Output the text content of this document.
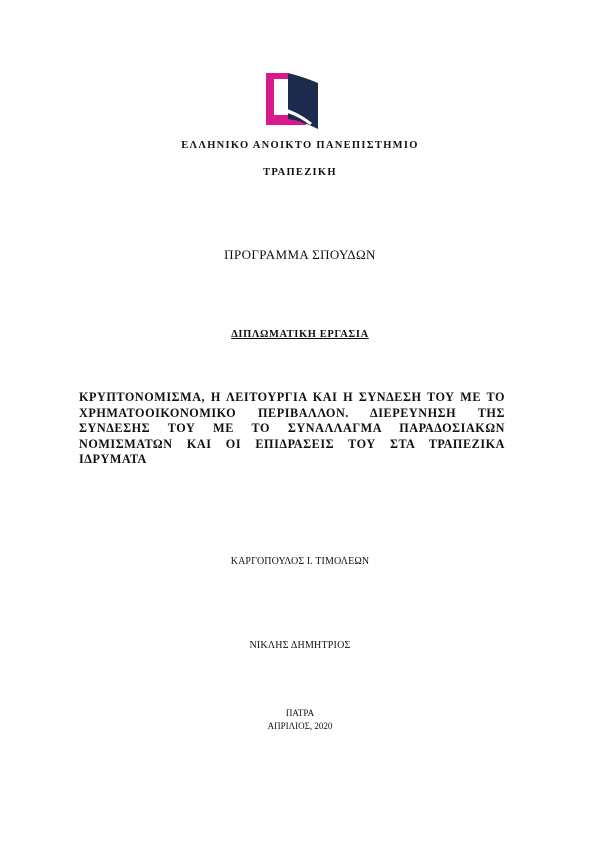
ΕΛΛΗΝΙΚΟ ΑΝΟΙΚΤΟ ΠΑΝΕΠΙΣΤΗΜΙΟ

ΤΡΑΠΕΖΙΚΗ

ΠΡΟΓΡΑΜΜΑ ΣΠΟΥΔΩΝ

ΔΙΠΛΩΜΑΤΙΚΗ ΕΡΓΑΣΙΑ

ΚΡΥΠΤΟΝΟΜΙΣΜΑ, Η ΛΕΙΤΟΥΡΓΙΑ ΚΑΙ Η ΣΥΝΔΕΣΗ ΤΟΥ ΜΕ ΤΟ ΧΡΗΜΑΤΟΟΙΚΟΝΟΜΙΚΟ ΠΕΡΙΒΑΛΛΟΝ. ΔΙΕΡΕΥΝΗΣΗ ΤΗΣ ΣΥΝΔΕΣΗΣ ΤΟΥ ΜΕ ΤΟ ΣΥΝΑΛΛΑΓΜΑ ΠΑΡΑΔΟΣΙΑΚΩΝ ΝΟΜΙΣΜΑΤΩΝ ΚΑΙ ΟΙ ΕΠΙΔΡΑΣΕΙΣ ΤΟΥ ΣΤΑ ΤΡΑΠΕΖΙΚΑ ΙΔΡΥΜΑΤΑ

ΚΑΡΓΟΠΟΥΛΟΣ Ι. ΤΙΜΟΛΕΩΝ

ΝΙΚΛΗΣ ΔΗΜΗΤΡΙΟΣ

ΠΑΤΡΑ

ΑΠΡΙΛΙΟΣ, 2020
